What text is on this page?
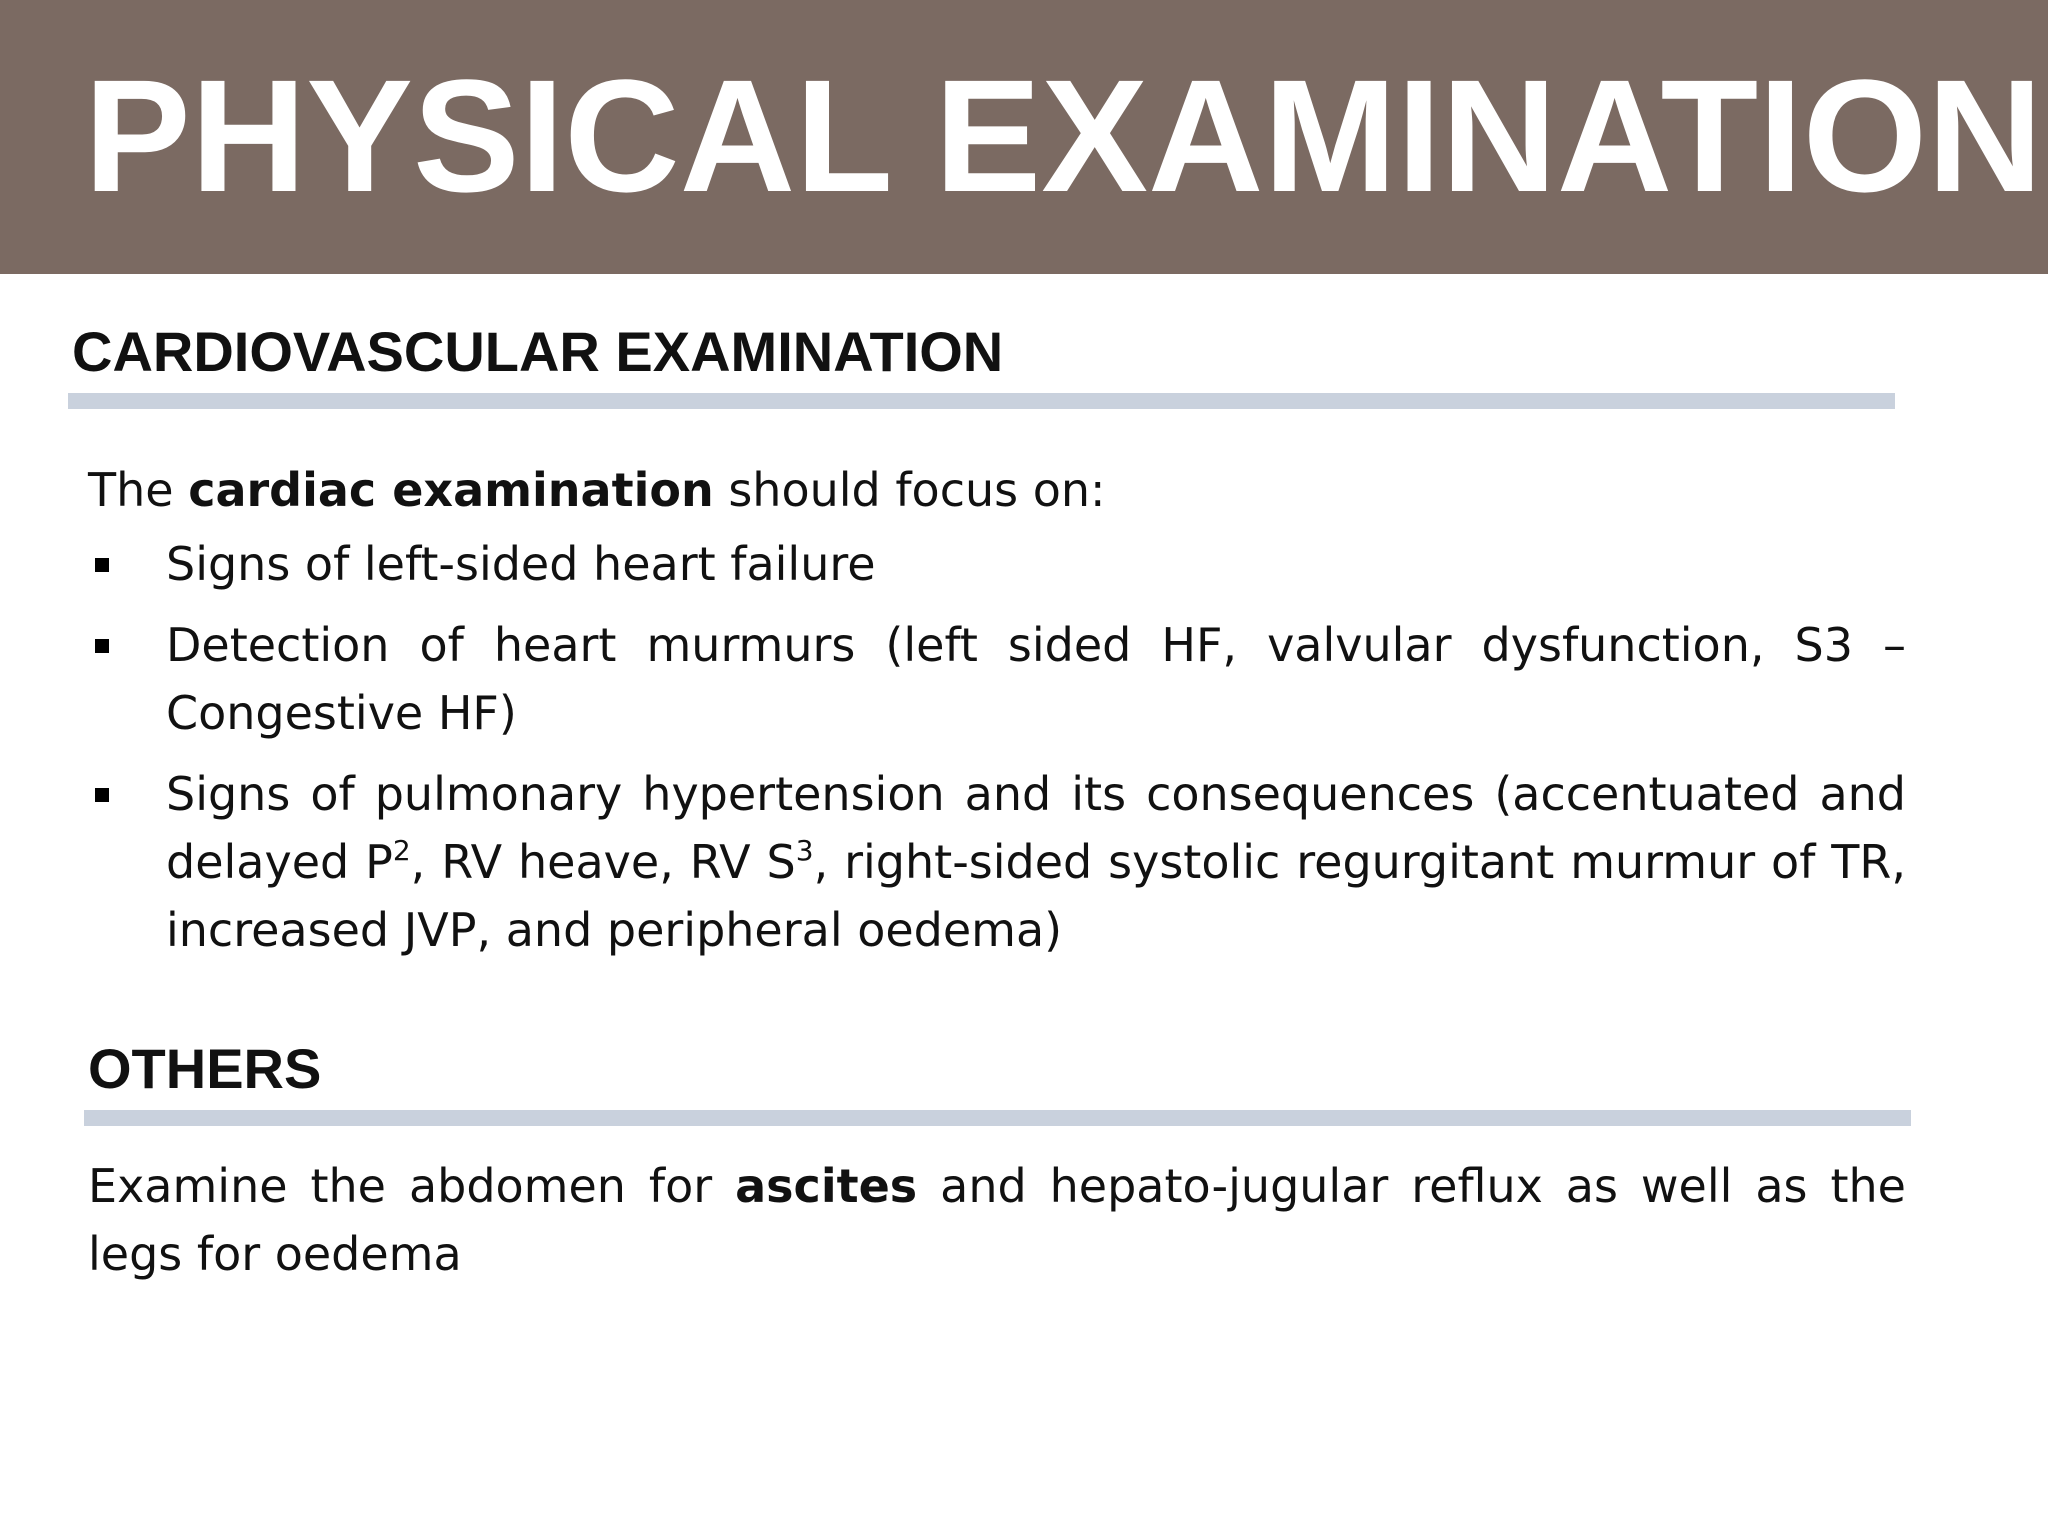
PHYSICAL EXAMINATION
CARDIOVASCULAR EXAMINATION
The cardiac examination should focus on:
Signs of left-sided heart failure
Detection of heart murmurs (left sided HF, valvular dysfunction, S3 – Congestive HF)
Signs of pulmonary hypertension and its consequences (accentuated and delayed $P^2$, RV heave, RV $S^3$, right-sided systolic regurgitant murmur of TR, increased JVP, and peripheral oedema)
OTHERS
Examine the abdomen for ascites and hepato-jugular reflux as well as the legs for oedema
